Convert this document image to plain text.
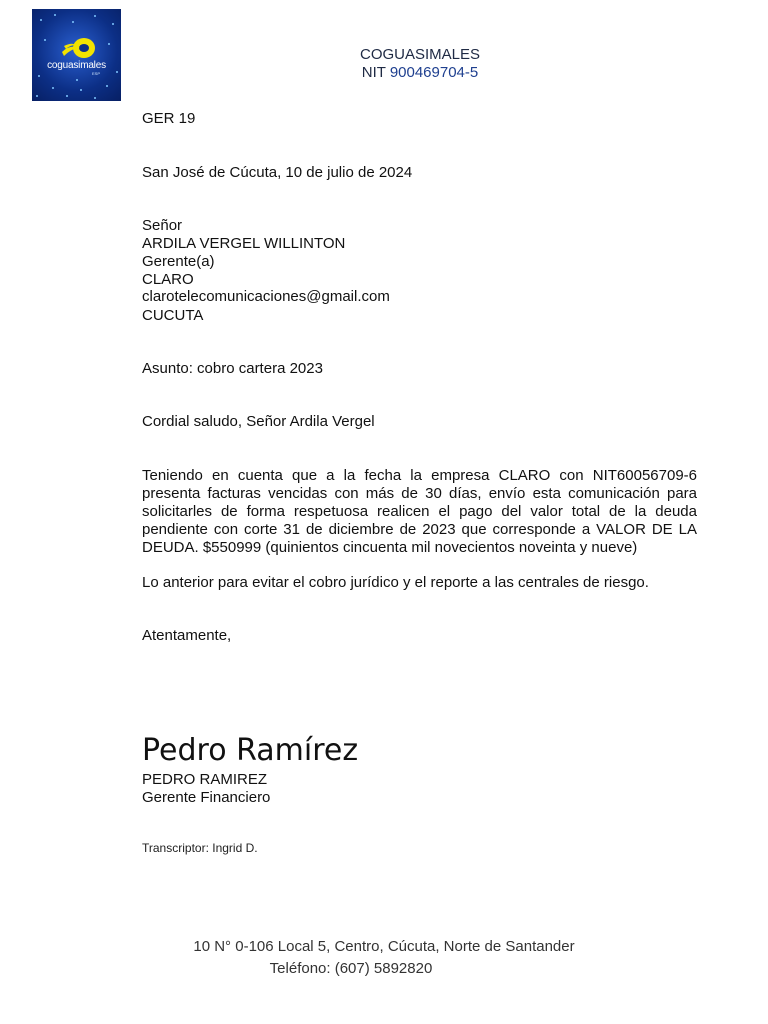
coguasimales
ESP
COGUASIMALES
NIT 900469704-5
GER 19
San José de Cúcuta, 10 de julio de 2024
Señor
ARDILA VERGEL WILLINTON
Gerente(a)
CLARO
clarotelecomunicaciones@gmail.com
CUCUTA
Asunto: cobro cartera 2023
Cordial saludo, Señor Ardila Vergel
Teniendo en cuenta que a la fecha la empresa CLARO con NIT60056709-6 presenta facturas vencidas con más de 30 días, envío esta comunicación para solicitarles de forma respetuosa realicen el pago del valor total de la deuda pendiente con corte 31 de diciembre de 2023 que corresponde a VALOR DE LA DEUDA. $550999 (quinientos cincuenta mil novecientos noveinta y nueve)
Lo anterior para evitar el cobro jurídico y el reporte a las centrales de riesgo.
Atentamente,
Pedro Ramírez
PEDRO RAMIREZ
Gerente Financiero
Transcriptor: Ingrid D.
10 N° 0-106 Local 5, Centro, Cúcuta, Norte de Santander
Teléfono: (607) 5892820
